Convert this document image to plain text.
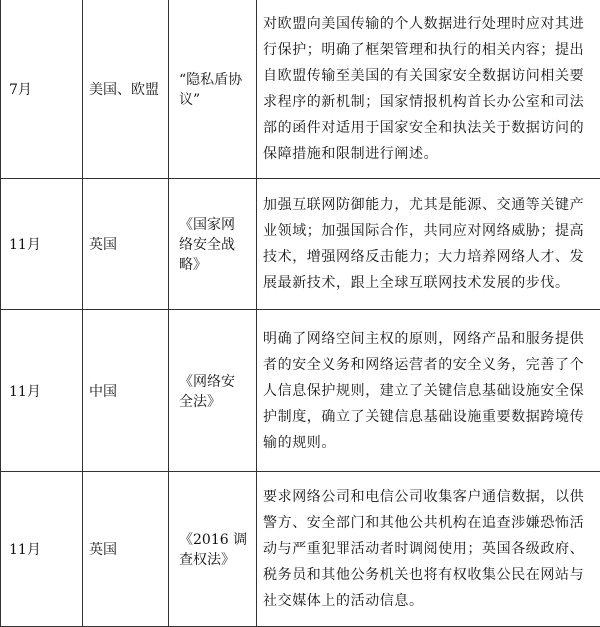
7月	美国、欧盟	“隐私盾协议”	对欧盟向美国传输的个人数据进行处理时应对其进行保护；明确了框架管理和执行的相关内容；提出自欧盟传输至美国的有关国家安全数据访问相关要求程序的新机制；国家情报机构首长办公室和司法部的函件对适用于国家安全和执法关于数据访问的保障措施和限制进行阐述。
11月	英国	《国家网络安全战略》	加强互联网防御能力，尤其是能源、交通等关键产业领域；加强国际合作，共同应对网络威胁；提高技术，增强网络反击能力；大力培养网络人才、发展最新技术，跟上全球互联网技术发展的步伐。
11月	中国	《网络安全法》	明确了网络空间主权的原则，网络产品和服务提供者的安全义务和网络运营者的安全义务，完善了个人信息保护规则，建立了关键信息基础设施安全保护制度，确立了关键信息基础设施重要数据跨境传输的规则。
11月	英国	《2016 调查权法》	要求网络公司和电信公司收集客户通信数据，以供警方、安全部门和其他公共机构在追查涉嫌恐怖活动与严重犯罪活动者时调阅使用；英国各级政府、税务员和其他公务机关也将有权收集公民在网站与社交媒体上的活动信息。
